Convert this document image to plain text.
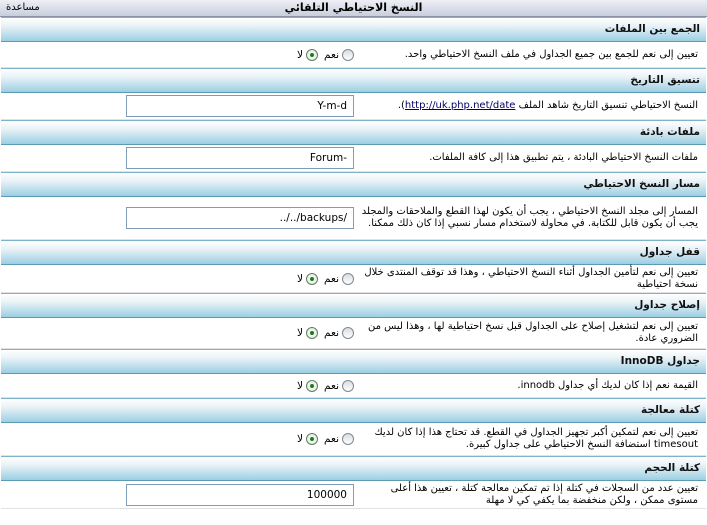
النسخ الاحتياطي التلقائي
مساعدة
الجمع بين الملفات
تعيين إلى نعم للجمع بين جميع الجداول في ملف النسخ الاحتياطي واحد.
نعم
لا
تنسيق التاريخ
النسخ الاحتياطي تنسيق التاريخ شاهد الملف http://uk.php.net/date).
Y-m-d
ملفات بادئة
ملفات النسخ الاحتياطي البادئة ، يتم تطبيق هذا إلى كافة الملفات.
Forum-
مسار النسخ الاحتياطي
المسار إلى مجلد النسخ الاحتياطي ، يجب أن يكون لهذا القطع والملاحقات والمجلد يجب أن يكون قابل للكتابة. في محاولة لاستخدام مسار نسبي إذا كان ذلك ممكنا.
../../backups/
قفل جداول
تعيين إلى نعم لتأمين الجداول أثناء النسخ الاحتياطي ، وهذا قد توقف المنتدى خلال نسخة احتياطية
نعم
لا
إصلاح جداول
تعيين إلى نعم لتشغيل إصلاح على الجداول قبل نسخ احتياطية لها ، وهذا ليس من الضروري عادة.
نعم
لا
جداول InnoDB
القيمة نعم إذا كان لديك أي جداول innodb.
نعم
لا
كتلة معالجة
تعيين إلى نعم لتمكين أكبر تجهيز الجداول في القطع. قد تحتاج هذا إذا كان لديك timesout استضافة النسخ الاحتياطي على جداول كبيرة.
نعم
لا
كتلة الحجم
تعيين عدد من السجلات في كتلة إذا تم تمكين معالجة كتلة ، تعيين هذا أعلى مستوى ممكن ، ولكن منخفضة بما يكفي كي لا مهلة
100000
